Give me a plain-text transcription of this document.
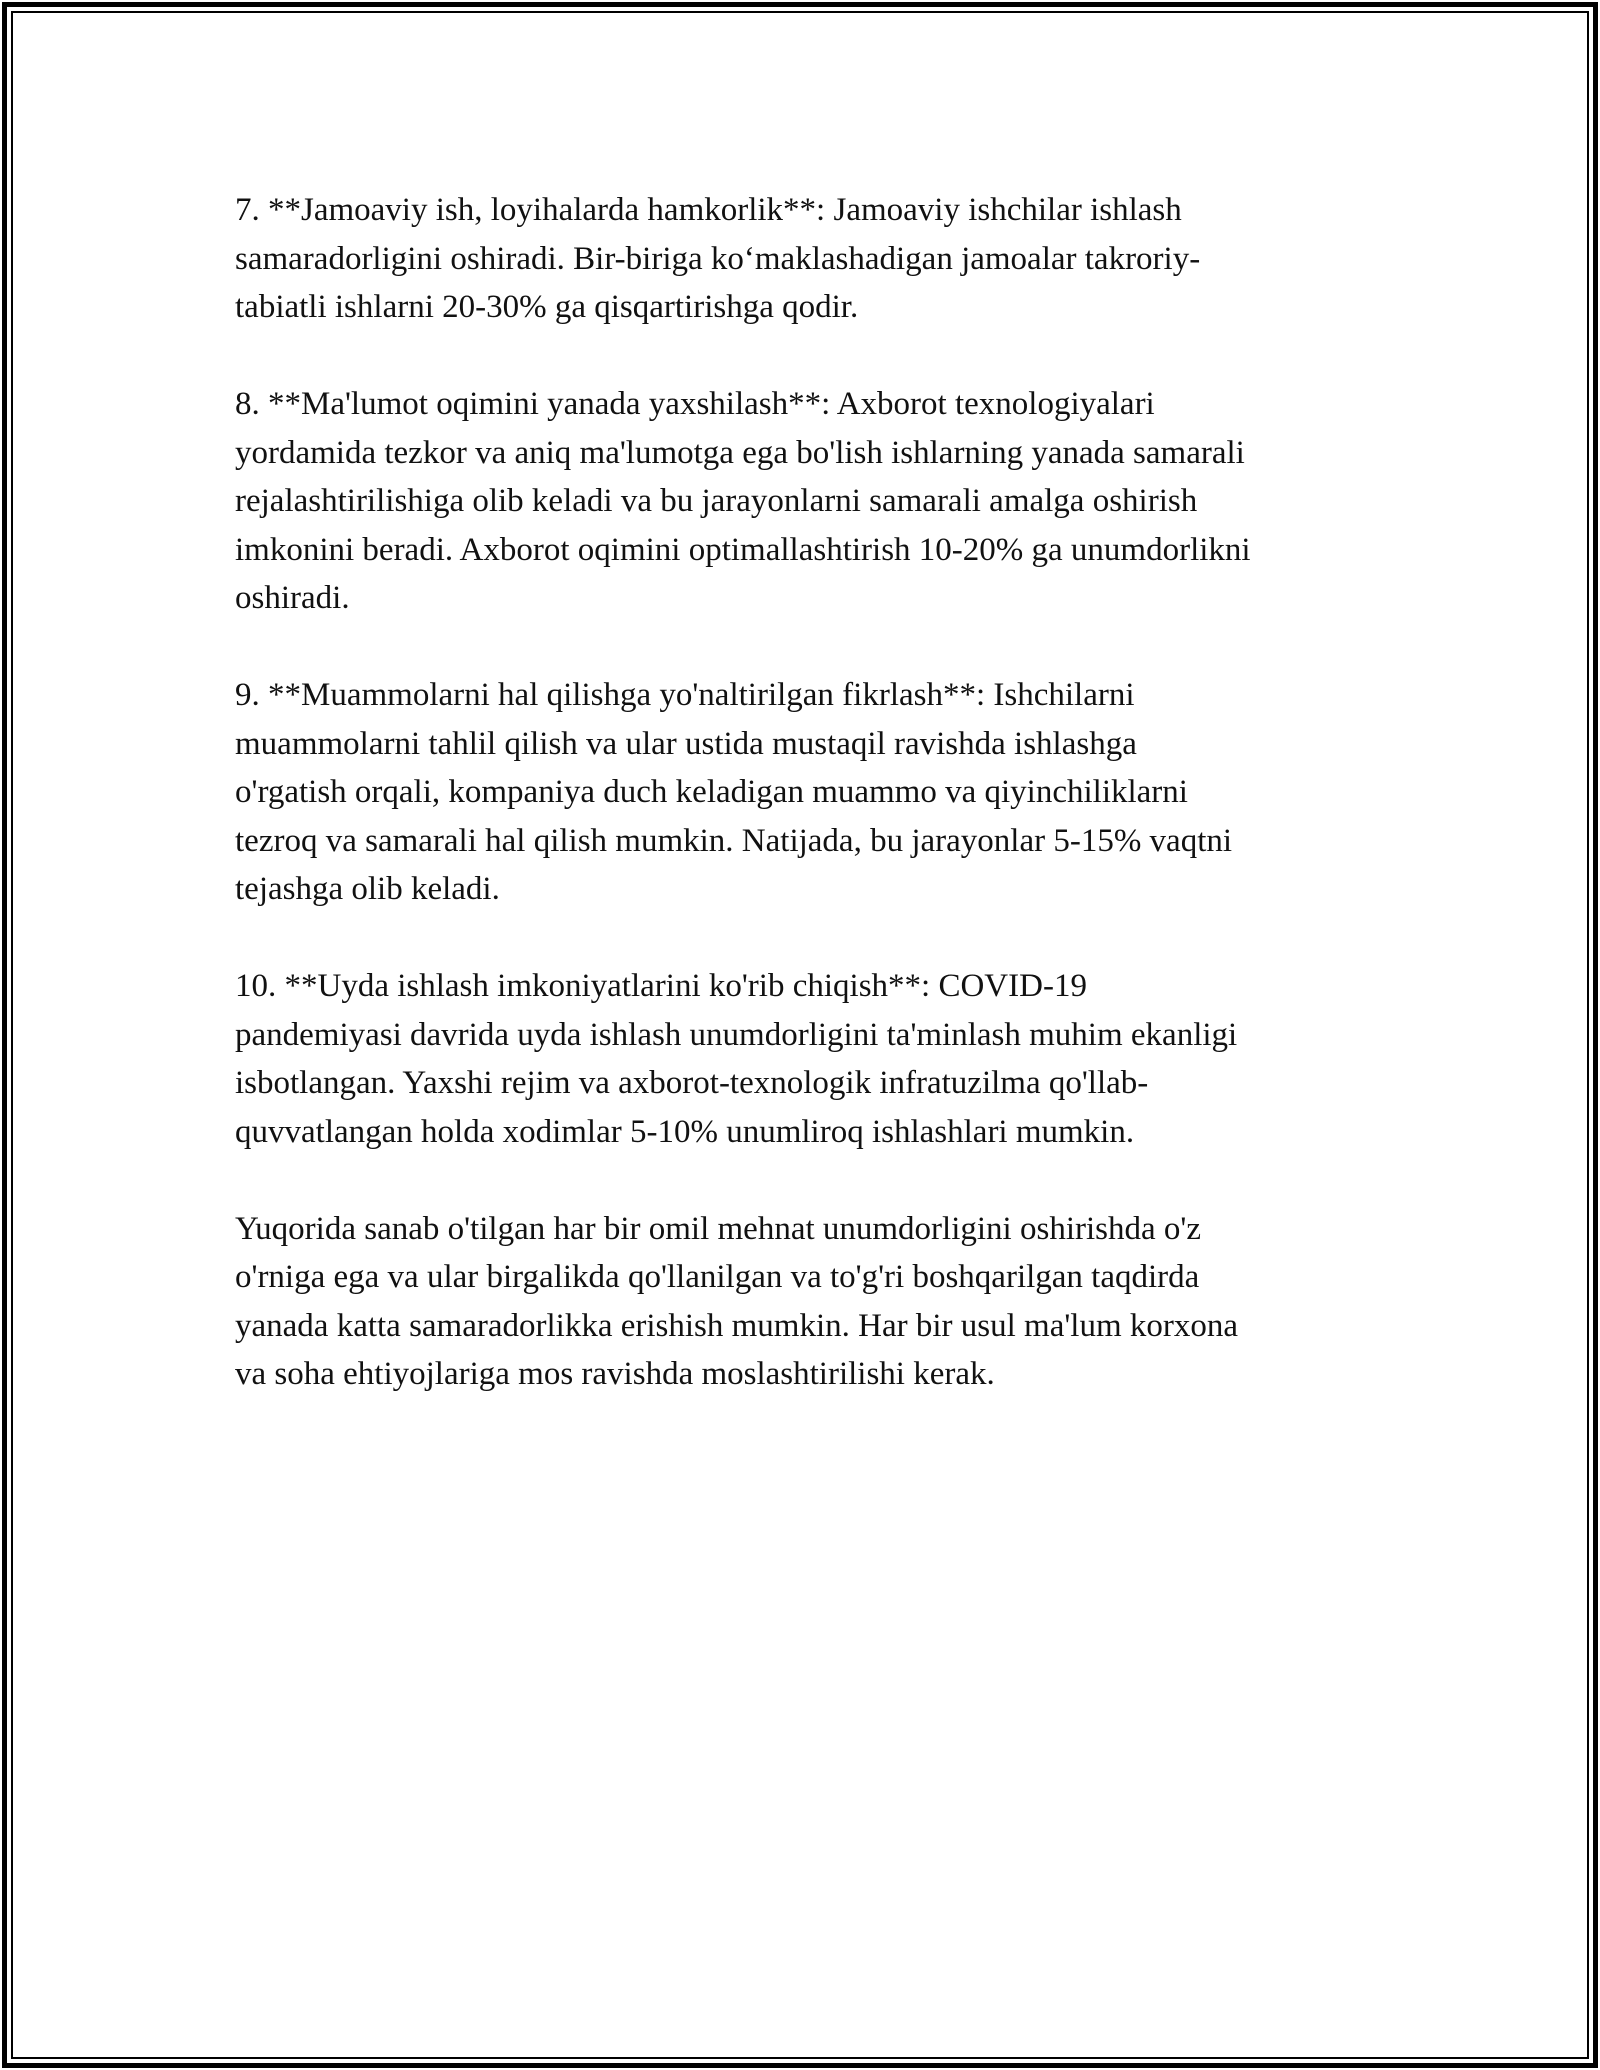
7. **Jamoaviy ish, loyihalarda hamkorlik**: Jamoaviy ishchilar ishlash
samaradorligini oshiradi. Bir-biriga ko‘maklashadigan jamoalar takroriy-
tabiatli ishlarni 20-30% ga qisqartirishga qodir.

8. **Ma'lumot oqimini yanada yaxshilash**: Axborot texnologiyalari
yordamida tezkor va aniq ma'lumotga ega bo'lish ishlarning yanada samarali
rejalashtirilishiga olib keladi va bu jarayonlarni samarali amalga oshirish
imkonini beradi. Axborot oqimini optimallashtirish 10-20% ga unumdorlikni
oshiradi.

9. **Muammolarni hal qilishga yo'naltirilgan fikrlash**: Ishchilarni
muammolarni tahlil qilish va ular ustida mustaqil ravishda ishlashga
o'rgatish orqali, kompaniya duch keladigan muammo va qiyinchiliklarni
tezroq va samarali hal qilish mumkin. Natijada, bu jarayonlar 5-15% vaqtni
tejashga olib keladi.

10. **Uyda ishlash imkoniyatlarini ko'rib chiqish**: COVID-19
pandemiyasi davrida uyda ishlash unumdorligini ta'minlash muhim ekanligi
isbotlangan. Yaxshi rejim va axborot-texnologik infratuzilma qo'llab-
quvvatlangan holda xodimlar 5-10% unumliroq ishlashlari mumkin.

Yuqorida sanab o'tilgan har bir omil mehnat unumdorligini oshirishda o'z
o'rniga ega va ular birgalikda qo'llanilgan va to'g'ri boshqarilgan taqdirda
yanada katta samaradorlikka erishish mumkin. Har bir usul ma'lum korxona
va soha ehtiyojlariga mos ravishda moslashtirilishi kerak.
